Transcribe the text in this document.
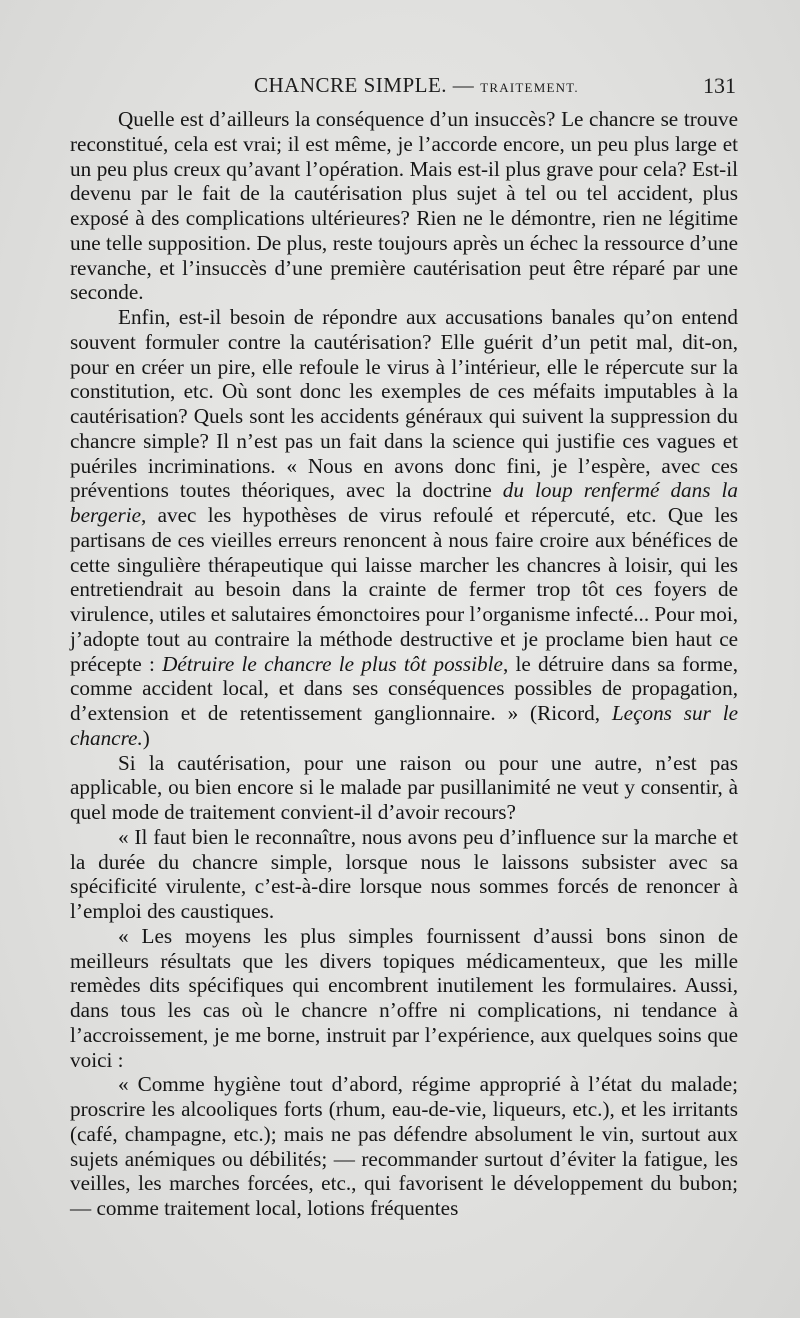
CHANCRE SIMPLE. — TRAITEMENT.	131

Quelle est d’ailleurs la conséquence d’un insuccès? Le chancre se trouve reconstitué, cela est vrai; il est même, je l’accorde encore, un peu plus large et un peu plus creux qu’avant l’opération. Mais est-il plus grave pour cela? Est-il devenu par le fait de la cautérisation plus sujet à tel ou tel accident, plus exposé à des complications ultérieures? Rien ne le démontre, rien ne légitime une telle supposition. De plus, reste toujours après un échec la ressource d’une revanche, et l’insuccès d’une première cautérisation peut être réparé par une seconde.

Enfin, est-il besoin de répondre aux accusations banales qu’on entend souvent formuler contre la cautérisation? Elle guérit d’un petit mal, dit-on, pour en créer un pire, elle refoule le virus à l’intérieur, elle le répercute sur la constitution, etc. Où sont donc les exemples de ces méfaits imputables à la cautérisation? Quels sont les accidents généraux qui suivent la suppression du chancre simple? Il n’est pas un fait dans la science qui justifie ces vagues et puériles incriminations. « Nous en avons donc fini, je l’espère, avec ces préventions toutes théoriques, avec la doctrine du loup renfermé dans la bergerie, avec les hypothèses de virus refoulé et répercuté, etc. Que les partisans de ces vieilles erreurs renoncent à nous faire croire aux bénéfices de cette singulière thérapeutique qui laisse marcher les chancres à loisir, qui les entretiendrait au besoin dans la crainte de fermer trop tôt ces foyers de virulence, utiles et salutaires émonctoires pour l’organisme infecté... Pour moi, j’adopte tout au contraire la méthode destructive et je proclame bien haut ce précepte : Détruire le chancre le plus tôt possible, le détruire dans sa forme, comme accident local, et dans ses conséquences possibles de propagation, d’extension et de retentissement ganglionnaire. » (Ricord, Leçons sur le chancre.)

Si la cautérisation, pour une raison ou pour une autre, n’est pas applicable, ou bien encore si le malade par pusillanimité ne veut y consentir, à quel mode de traitement convient-il d’avoir recours?

« Il faut bien le reconnaître, nous avons peu d’influence sur la marche et la durée du chancre simple, lorsque nous le laissons subsister avec sa spécificité virulente, c’est-à-dire lorsque nous sommes forcés de renoncer à l’emploi des caustiques.

« Les moyens les plus simples fournissent d’aussi bons sinon de meilleurs résultats que les divers topiques médicamenteux, que les mille remèdes dits spécifiques qui encombrent inutilement les formulaires. Aussi, dans tous les cas où le chancre n’offre ni complications, ni tendance à l’accroissement, je me borne, instruit par l’expérience, aux quelques soins que voici :

« Comme hygiène tout d’abord, régime approprié à l’état du malade; proscrire les alcooliques forts (rhum, eau-de-vie, liqueurs, etc.), et les irritants (café, champagne, etc.); mais ne pas défendre absolument le vin, surtout aux sujets anémiques ou débilités; — recommander surtout d’éviter la fatigue, les veilles, les marches forcées, etc., qui favorisent le développement du bubon; — comme traitement local, lotions fréquentes
